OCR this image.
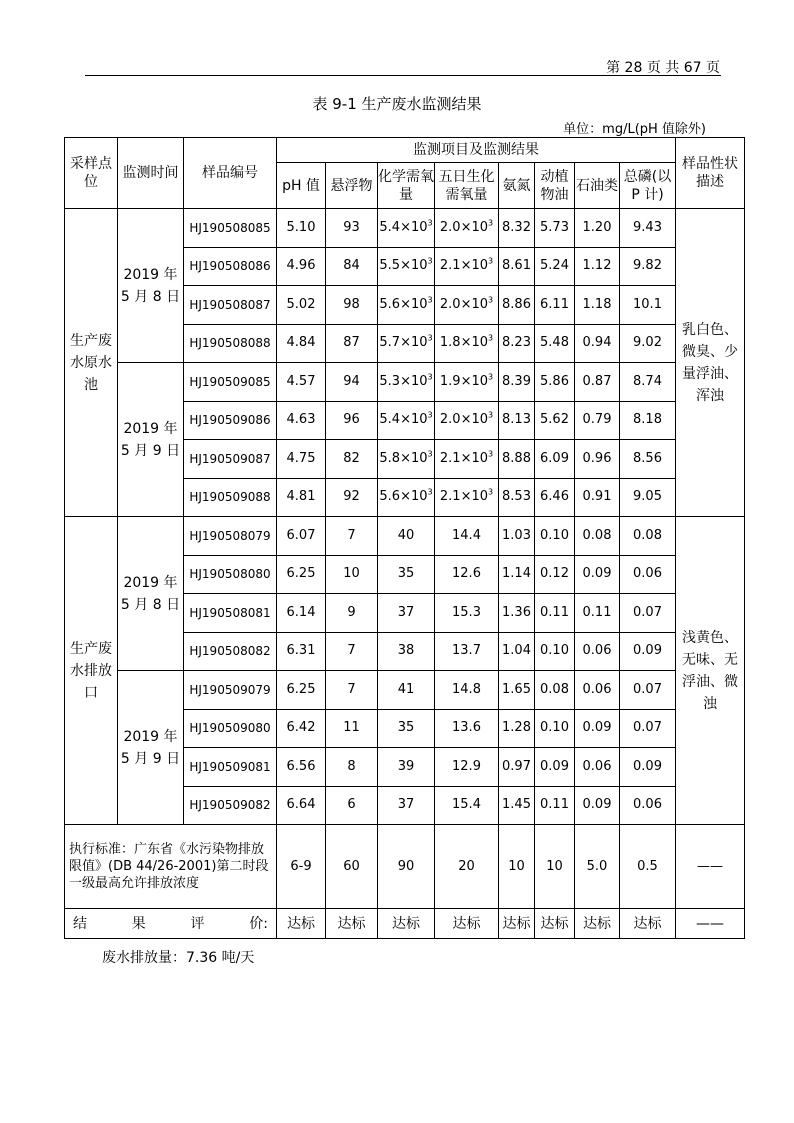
第 28 页 共 67 页
表 9-1 生产废水监测结果
单位：mg/L(pH 值除外)
采样点位	监测时间	样品编号	监测项目及监测结果								样品性状描述
			pH 值	悬浮物	化学需氧量	五日生化需氧量	氨氮	动植物油	石油类	总磷(以 P 计)	
生产废水原水池	2019 年 5 月 8 日	HJ190508085	5.10	93	$5.4\times 10^3$	$2.0\times 10^3$	8.32	5.73	1.20	9.43	乳白色、微臭、少量浮油、浑浊
		HJ190508086	4.96	84	$5.5\times 10^3$	$2.1\times 10^3$	8.61	5.24	1.12	9.82	
		HJ190508087	5.02	98	$5.6\times 10^3$	$2.0\times 10^3$	8.86	6.11	1.18	10.1	
		HJ190508088	4.84	87	$5.7\times 10^3$	$1.8\times 10^3$	8.23	5.48	0.94	9.02	
	2019 年 5 月 9 日	HJ190509085	4.57	94	$5.3\times 10^3$	$1.9\times 10^3$	8.39	5.86	0.87	8.74	
		HJ190509086	4.63	96	$5.4\times 10^3$	$2.0\times 10^3$	8.13	5.62	0.79	8.18	
		HJ190509087	4.75	82	$5.8\times 10^3$	$2.1\times 10^3$	8.88	6.09	0.96	8.56	
		HJ190509088	4.81	92	$5.6\times 10^3$	$2.1\times 10^3$	8.53	6.46	0.91	9.05	
生产废水排放口	2019 年 5 月 8 日	HJ190508079	6.07	7	40	14.4	1.03	0.10	0.08	0.08	浅黄色、无味、无浮油、微浊
		HJ190508080	6.25	10	35	12.6	1.14	0.12	0.09	0.06	
		HJ190508081	6.14	9	37	15.3	1.36	0.11	0.11	0.07	
		HJ190508082	6.31	7	38	13.7	1.04	0.10	0.06	0.09	
	2019 年 5 月 9 日	HJ190509079	6.25	7	41	14.8	1.65	0.08	0.06	0.07	
		HJ190509080	6.42	11	35	13.6	1.28	0.10	0.09	0.07	
		HJ190509081	6.56	8	39	12.9	0.97	0.09	0.06	0.09	
		HJ190509082	6.64	6	37	15.4	1.45	0.11	0.09	0.06	
执行标准：广东省《水污染物排放限值》(DB 44/26-2001)第二时段一级最高允许排放浓度			6-9	60	90	20	10	10	5.0	0.5	——

结 果 评 价:			达标	达标	达标	达标	达标	达标	达标	达标	——
废水排放量：7.36 吨/天
